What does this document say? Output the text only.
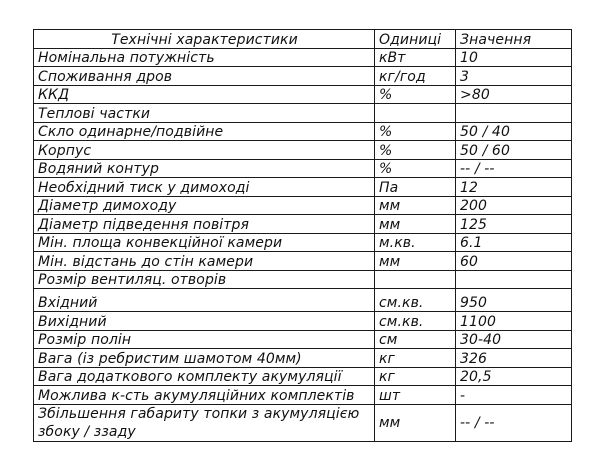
Технічні характеристики	Одиниці	Значення
Номінальна потужність	кВт	10
Споживання дров	кг/год	3
ККД	%	>80
Теплові частки		
Скло одинарне/подвійне	%	50 / 40
Корпус	%	50 / 60
Водяний контур	%	-- / --
Необхідний тиск у димоході	Па	12
Діаметр димоходу	мм	200
Діаметр підведення повітря	мм	125
Мін. площа конвекційної камери	м.кв.	6.1
Мін. відстань до стін камери	мм	60
Розмір вентиляц. отворів		
Вхідний	см.кв.	950
Вихідний	см.кв.	1100
Розмір полін	см	30-40
Вага (із ребристим шамотом 40мм)	кг	326
Вага додаткового комплекту акумуляції	кг	20,5
Можлива к-сть акумуляційних комплектів	шт	-
Збільшення габариту топки з акумуляцією збоку / ззаду	мм	-- / --
